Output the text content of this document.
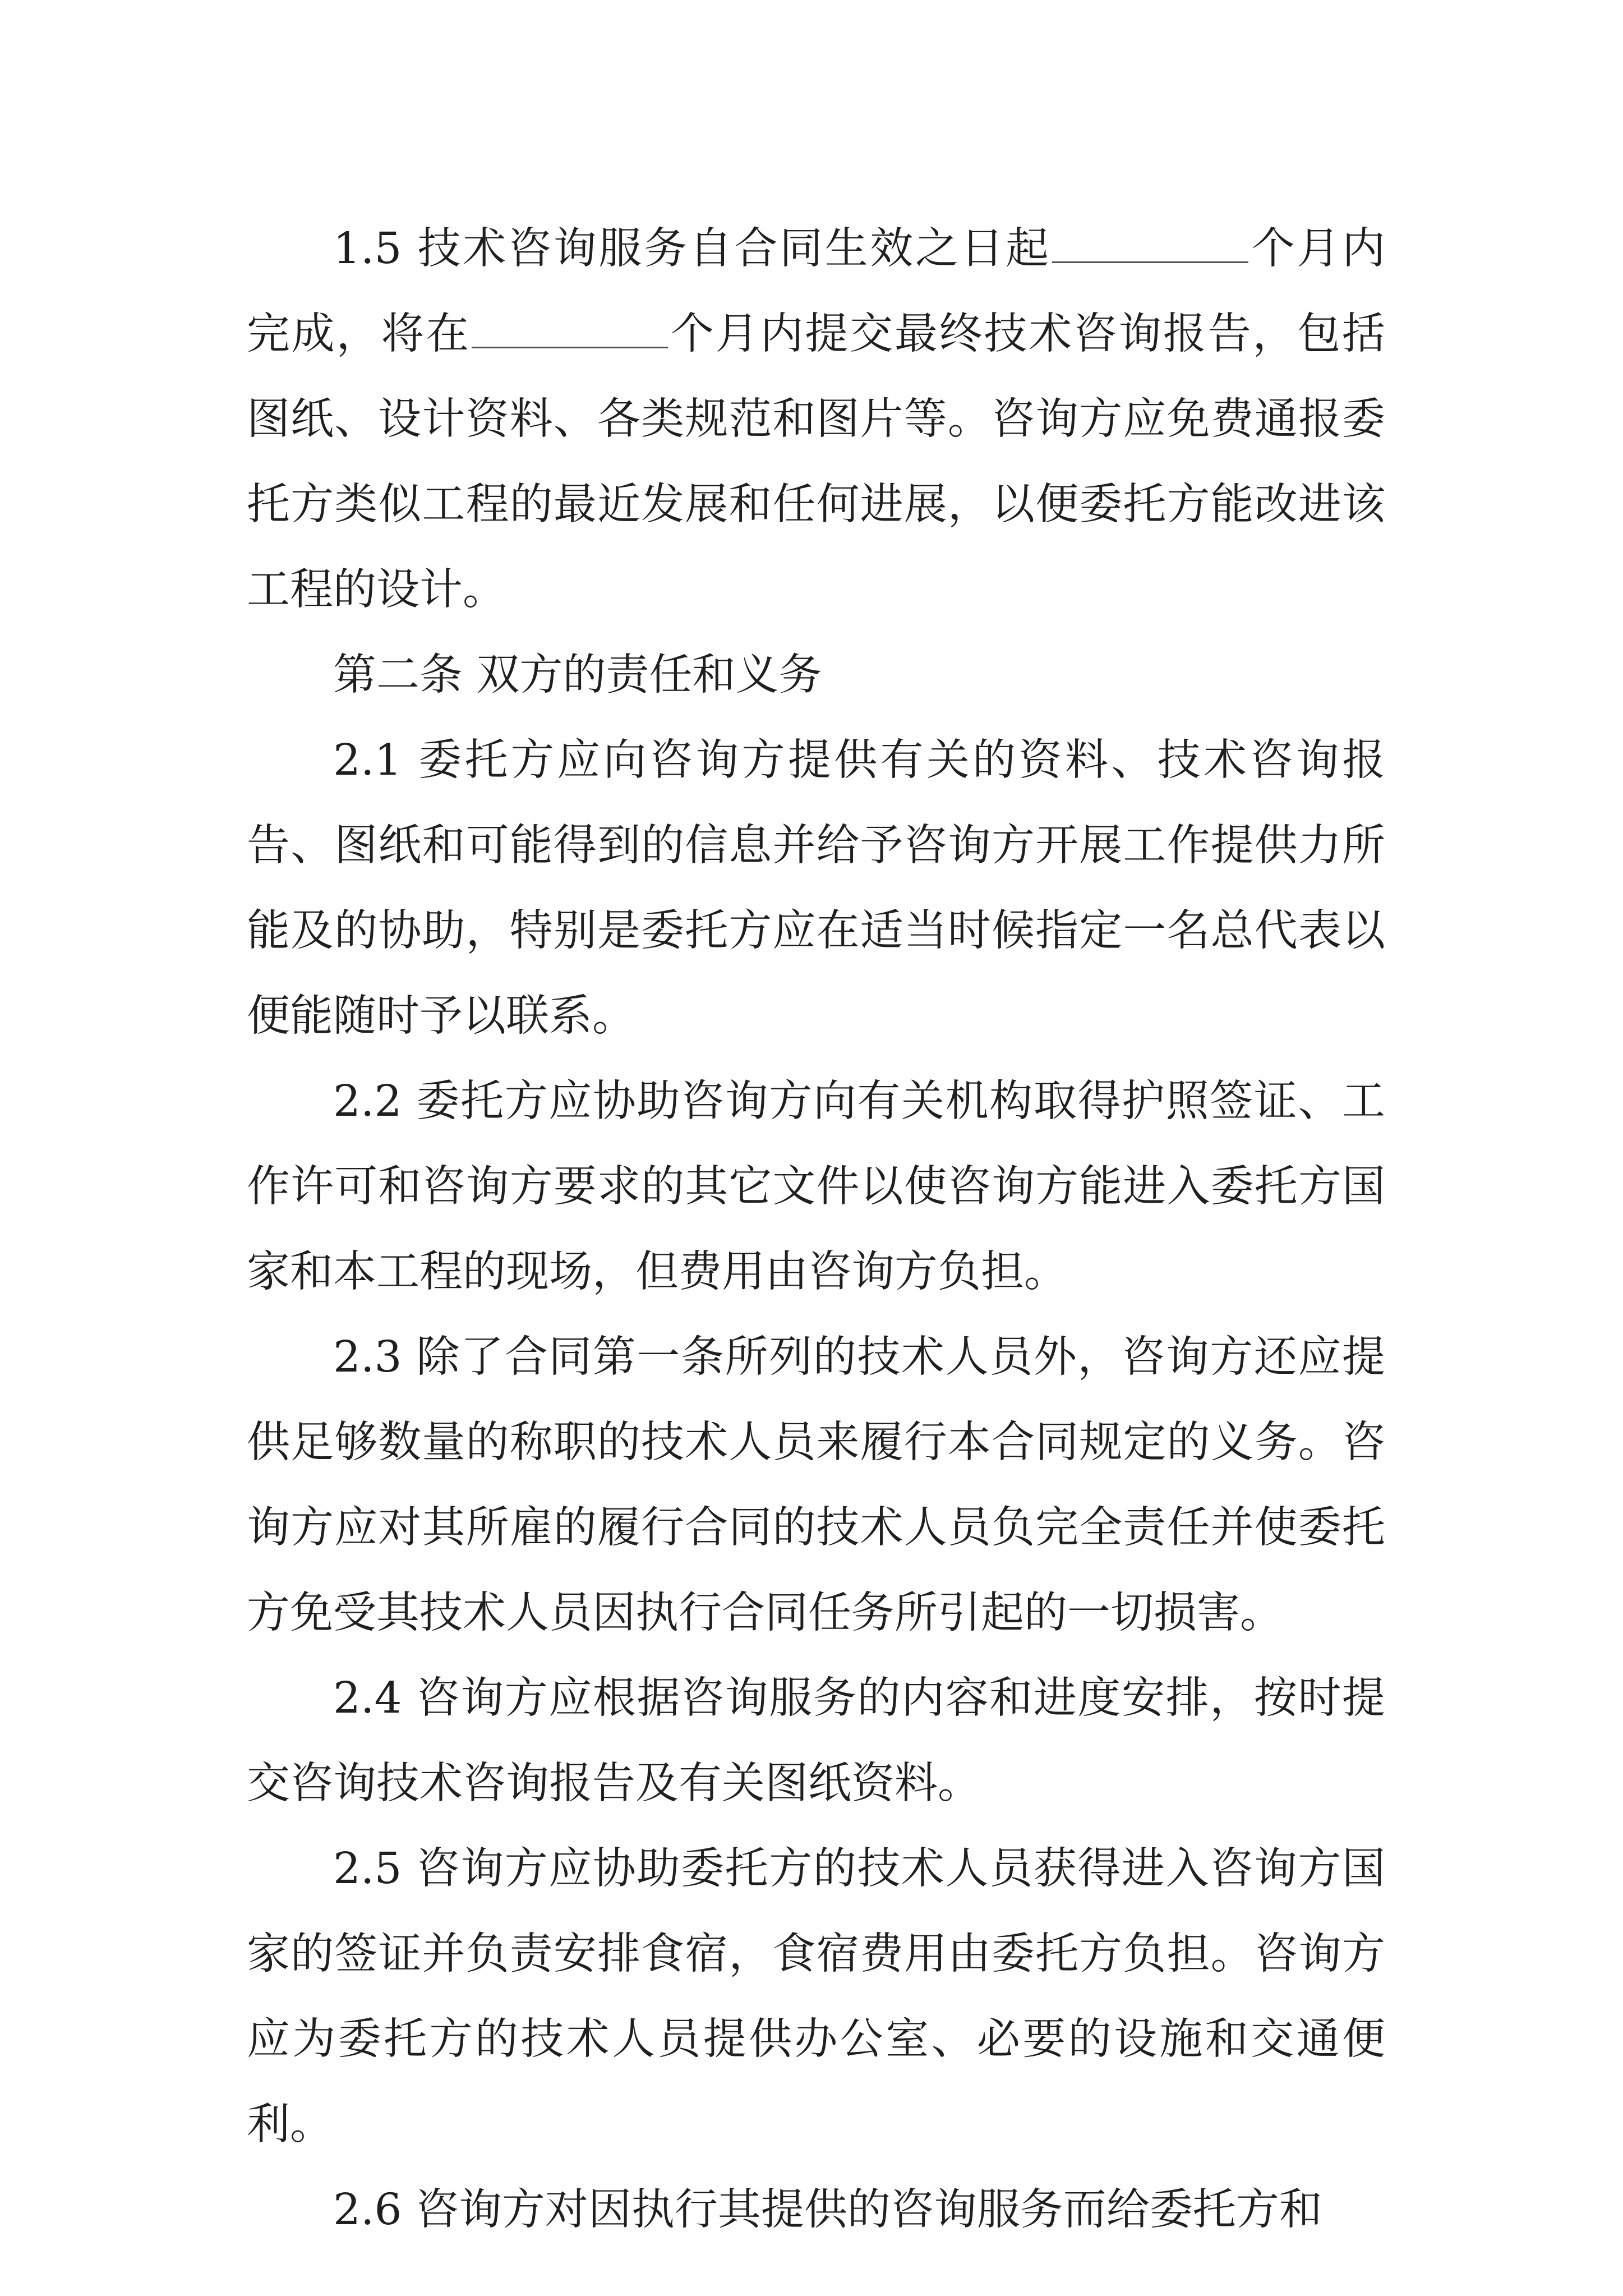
1.5 技术咨询服务自合同生效之日起	个月内完成，将在	个月内提交最终技术咨询报告，包括图纸、设计资料、各类规范和图片等。咨询方应免费通报委托方类似工程的最近发展和任何进展，以便委托方能改进该工程的设计。

第二条 双方的责任和义务

2.1 委托方应向咨询方提供有关的资料、技术咨询报告、图纸和可能得到的信息并给予咨询方开展工作提供力所能及的协助，特别是委托方应在适当时候指定一名总代表以便能随时予以联系。

2.2 委托方应协助咨询方向有关机构取得护照签证、工作许可和咨询方要求的其它文件以使咨询方能进入委托方国家和本工程的现场，但费用由咨询方负担。

2.3 除了合同第一条所列的技术人员外，咨询方还应提供足够数量的称职的技术人员来履行本合同规定的义务。咨询方应对其所雇的履行合同的技术人员负完全责任并使委托方免受其技术人员因执行合同任务所引起的一切损害。

2.4 咨询方应根据咨询服务的内容和进度安排，按时提交咨询技术咨询报告及有关图纸资料。

2.5 咨询方应协助委托方的技术人员获得进入咨询方国家的签证并负责安排食宿，食宿费用由委托方负担。咨询方应为委托方的技术人员提供办公室、必要的设施和交通便利。

2.6 咨询方对因执行其提供的咨询服务而给委托方和
